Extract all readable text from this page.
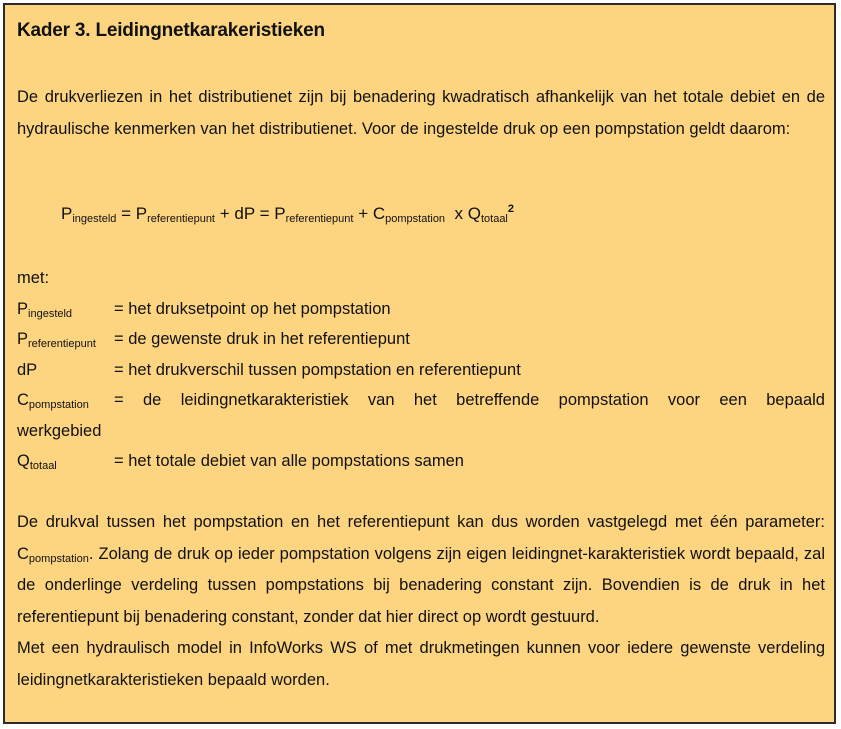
Kader 3. Leidingnetkarakeristieken
De drukverliezen in het distributienet zijn bij benadering kwadratisch afhankelijk van het totale debiet en de hydraulische kenmerken van het distributienet. Voor de ingestelde druk op een pompstation geldt daarom:
$P_{ingesteld} = P_{referentiepunt}$ + dP = $P_{referentiepunt} + C_{pompstation}$  x $Q_{totaal}^2$
met:
$P_{ingesteld}$	= het druksetpoint op het pompstation
$P_{referentiepunt}$	= de gewenste druk in het referentiepunt
dP	= het drukverschil tussen pompstation en referentiepunt
$C_{pompstation}$	= de leidingnetkarakteristiek van het betreffende pompstation voor een bepaald
werkgebied
$Q_{totaal}$	= het totale debiet van alle pompstations samen
De drukval tussen het pompstation en het referentiepunt kan dus worden vastgelegd met één parameter: $C_{pompstation}$. Zolang de druk op ieder pompstation volgens zijn eigen leidingnet-karakteristiek wordt bepaald, zal de onderlinge verdeling tussen pompstations bij benadering constant zijn. Bovendien is de druk in het referentiepunt bij benadering constant, zonder dat hier direct op wordt gestuurd.
Met een hydraulisch model in InfoWorks WS of met drukmetingen kunnen voor iedere gewenste verdeling leidingnetkarakteristieken bepaald worden.
